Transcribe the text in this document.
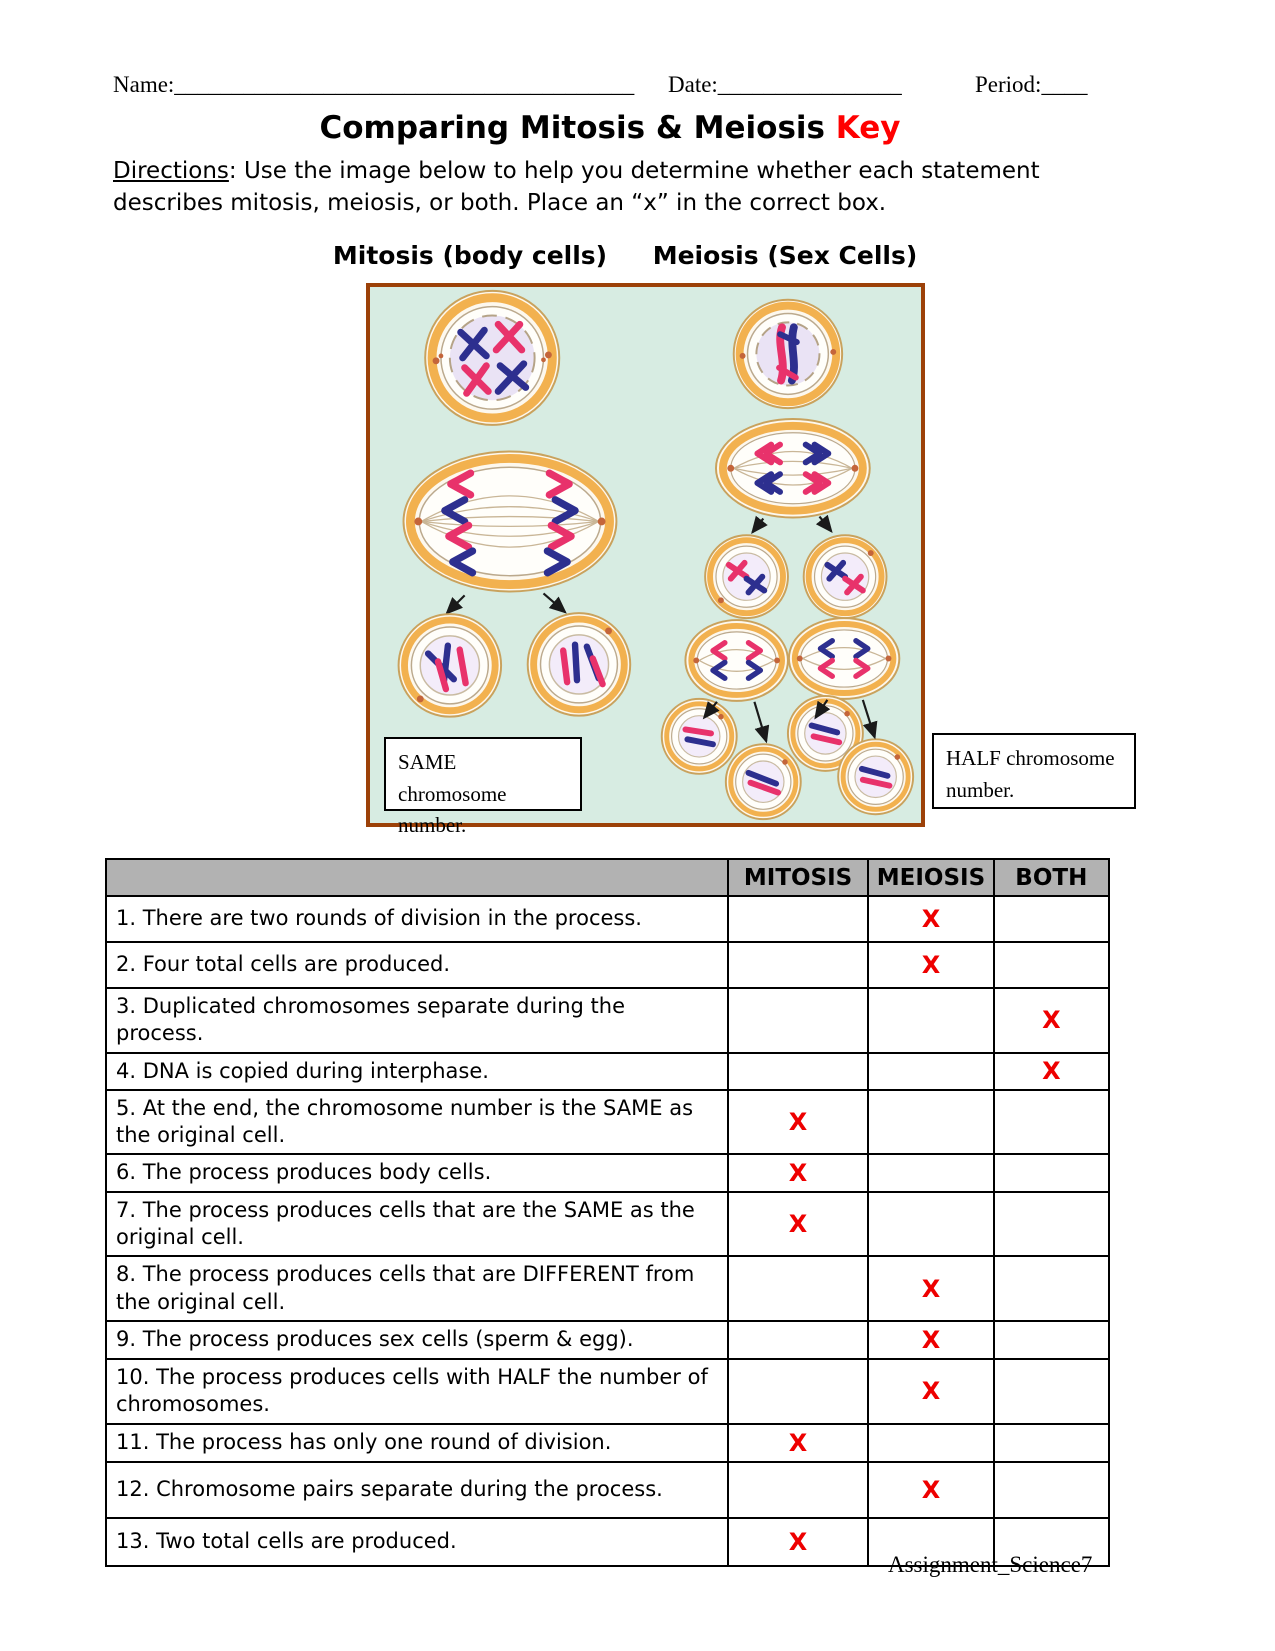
Name:________________________________________ Date:________________	Period:____
Comparing Mitosis & Meiosis Key
Directions: Use the image below to help you determine whether each statement describes mitosis, meiosis, or both. Place an “x” in the correct box.
Mitosis (body cells) Meiosis (Sex Cells)
SAME chromosome number.
HALF chromosome number.
	MITOSIS	MEIOSIS	BOTH
1. There are two rounds of division in the process.		X	
2. Four total cells are produced.		X	
3. Duplicated chromosomes separate during the process.			X
4. DNA is copied during interphase.			X
5. At the end, the chromosome number is the SAME as the original cell.	X		
6. The process produces body cells.	X		
7. The process produces cells that are the SAME as the original cell.	X		
8. The process produces cells that are DIFFERENT from the original cell.		X	
9. The process produces sex cells (sperm & egg).		X	
10. The process produces cells with HALF the number of chromosomes.		X	
11. The process has only one round of division.	X		
12. Chromosome pairs separate during the process.		X	
13. Two total cells are produced.	X		
Assignment_Science7
